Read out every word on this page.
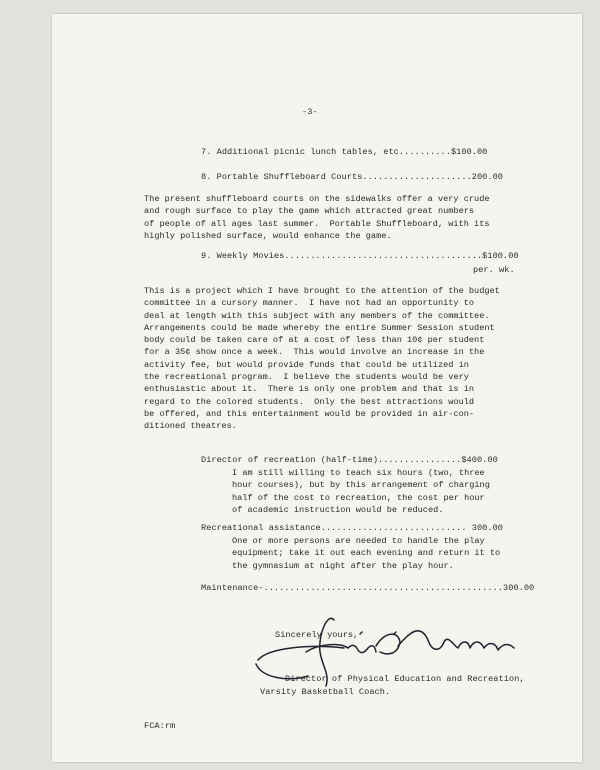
-3-
7. Additional picnic lunch tables, etc..........$100.00
8. Portable Shuffleboard Courts.....................200.00
The present shuffleboard courts on the sidewalks offer a very crude
and rough surface to play the game which attracted great numbers
of people of all ages last summer.  Portable Shuffleboard, with its
highly polished surface, would enhance the game.
9. Weekly Movies......................................$100.00
per. wk.
This is a project which I have brought to the attention of the budget
committee in a cursory manner.  I have not had an opportunity to
deal at length with this subject with any members of the committee.
Arrangements could be made whereby the entire Summer Session student
body could be taken care of at a cost of less than 10¢ per student
for a 35¢ show once a week.  This would involve an increase in the
activity fee, but would provide funds that could be utilized in
the recreational program.  I believe the students would be very
enthusiastic about it.  There is only one problem and that is in
regard to the colored students.  Only the best attractions would
be offered, and this entertainment would be provided in air-con-
ditioned theatres.
Director of recreation (half-time)................$400.00
I am still willing to teach six hours (two, three
hour courses), but by this arrangement of charging
half of the cost to recreation, the cost per hour
of academic instruction would be reduced.
Recreational assistance............................ 300.00
One or more persons are needed to handle the play
equipment; take it out each evening and return it to
the gymnasium at night after the play hour.
Maintenance-..............................................300.00
Sincerely yours,
Director of Physical Education and Recreation,
Varsity Basketball Coach.
FCA:rm
